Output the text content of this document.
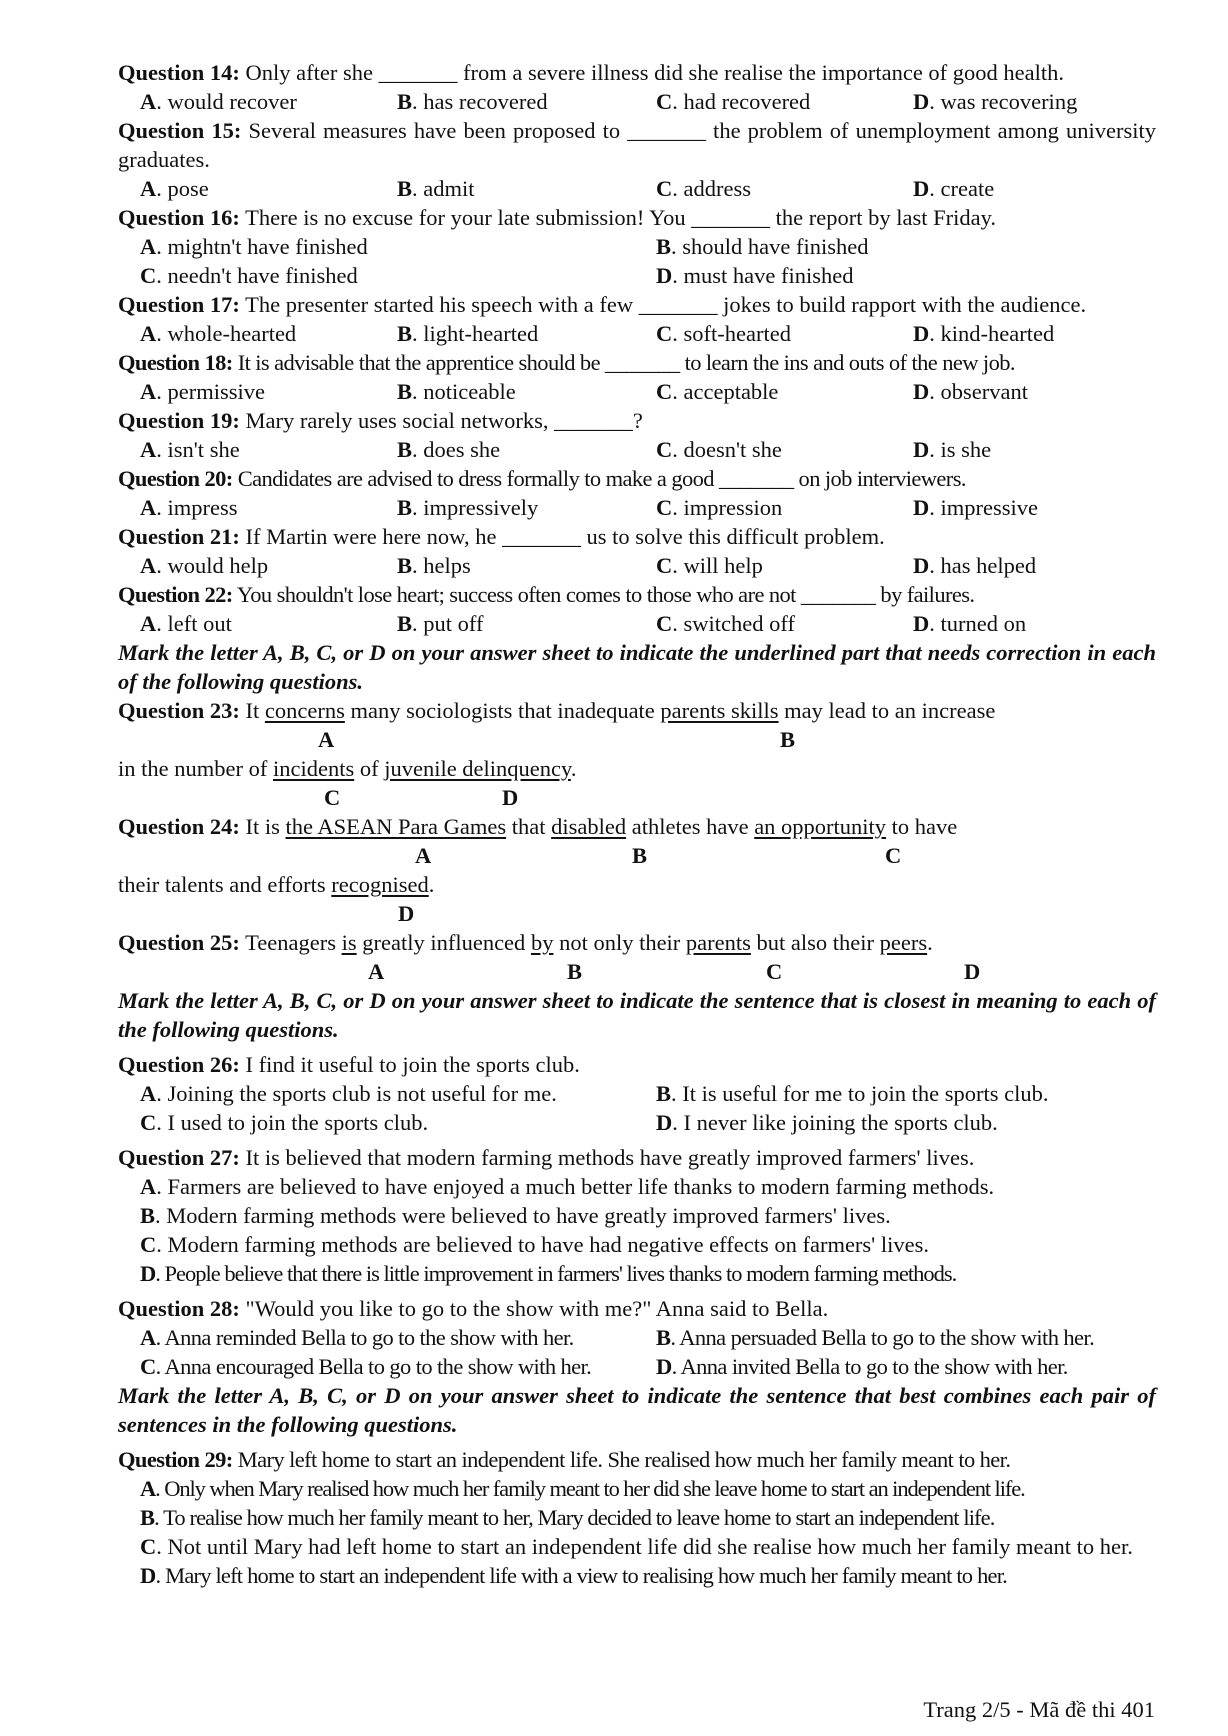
Question 14: Only after she _______ from a severe illness did she realise the importance of good health.

A. would recover	B. has recovered	C. had recovered	D. was recovering

Question 15: Several measures have been proposed to _______ the problem of unemployment among university graduates.

A. pose	B. admit	C. address	D. create

Question 16: There is no excuse for your late submission! You _______ the report by last Friday.

A. mightn't have finished	B. should have finished
C. needn't have finished	D. must have finished

Question 17: The presenter started his speech with a few _______ jokes to build rapport with the audience.

A. whole-hearted	B. light-hearted	C. soft-hearted	D. kind-hearted

Question 18: It is advisable that the apprentice should be _______ to learn the ins and outs of the new job.

A. permissive	B. noticeable	C. acceptable	D. observant

Question 19: Mary rarely uses social networks, _______?

A. isn't she	B. does she	C. doesn't she	D. is she

Question 20: Candidates are advised to dress formally to make a good _______ on job interviewers.

A. impress	B. impressively	C. impression	D. impressive

Question 21: If Martin were here now, he _______ us to solve this difficult problem.

A. would help	B. helps	C. will help	D. has helped

Question 22: You shouldn't lose heart; success often comes to those who are not _______ by failures.

A. left out	B. put off	C. switched off	D. turned on

Mark the letter A, B, C, or D on your answer sheet to indicate the underlined part that needs correction in each of the following questions.

Question 23: It concerns many sociologists that inadequate parents skills may lead to an increase

A	B

in the number of incidents of juvenile delinquency.

C	D

Question 24: It is the ASEAN Para Games that disabled athletes have an opportunity to have

A	B	C

their talents and efforts recognised.

D

Question 25: Teenagers is greatly influenced by not only their parents but also their peers.

A	B	C	D

Mark the letter A, B, C, or D on your answer sheet to indicate the sentence that is closest in meaning to each of the following questions.

Question 26: I find it useful to join the sports club.

A. Joining the sports club is not useful for me.	B. It is useful for me to join the sports club.
C. I used to join the sports club.	D. I never like joining the sports club.

Question 27: It is believed that modern farming methods have greatly improved farmers' lives.

A. Farmers are believed to have enjoyed a much better life thanks to modern farming methods.
B. Modern farming methods were believed to have greatly improved farmers' lives.
C. Modern farming methods are believed to have had negative effects on farmers' lives.
D. People believe that there is little improvement in farmers' lives thanks to modern farming methods.

Question 28: "Would you like to go to the show with me?" Anna said to Bella.

A. Anna reminded Bella to go to the show with her.	B. Anna persuaded Bella to go to the show with her.
C. Anna encouraged Bella to go to the show with her.	D. Anna invited Bella to go to the show with her.

Mark the letter A, B, C, or D on your answer sheet to indicate the sentence that best combines each pair of sentences in the following questions.

Question 29: Mary left home to start an independent life. She realised how much her family meant to her.

A. Only when Mary realised how much her family meant to her did she leave home to start an independent life.
B. To realise how much her family meant to her, Mary decided to leave home to start an independent life.
C. Not until Mary had left home to start an independent life did she realise how much her family meant to her.
D. Mary left home to start an independent life with a view to realising how much her family meant to her.
Trang 2/5 - Mã đề thi 401
